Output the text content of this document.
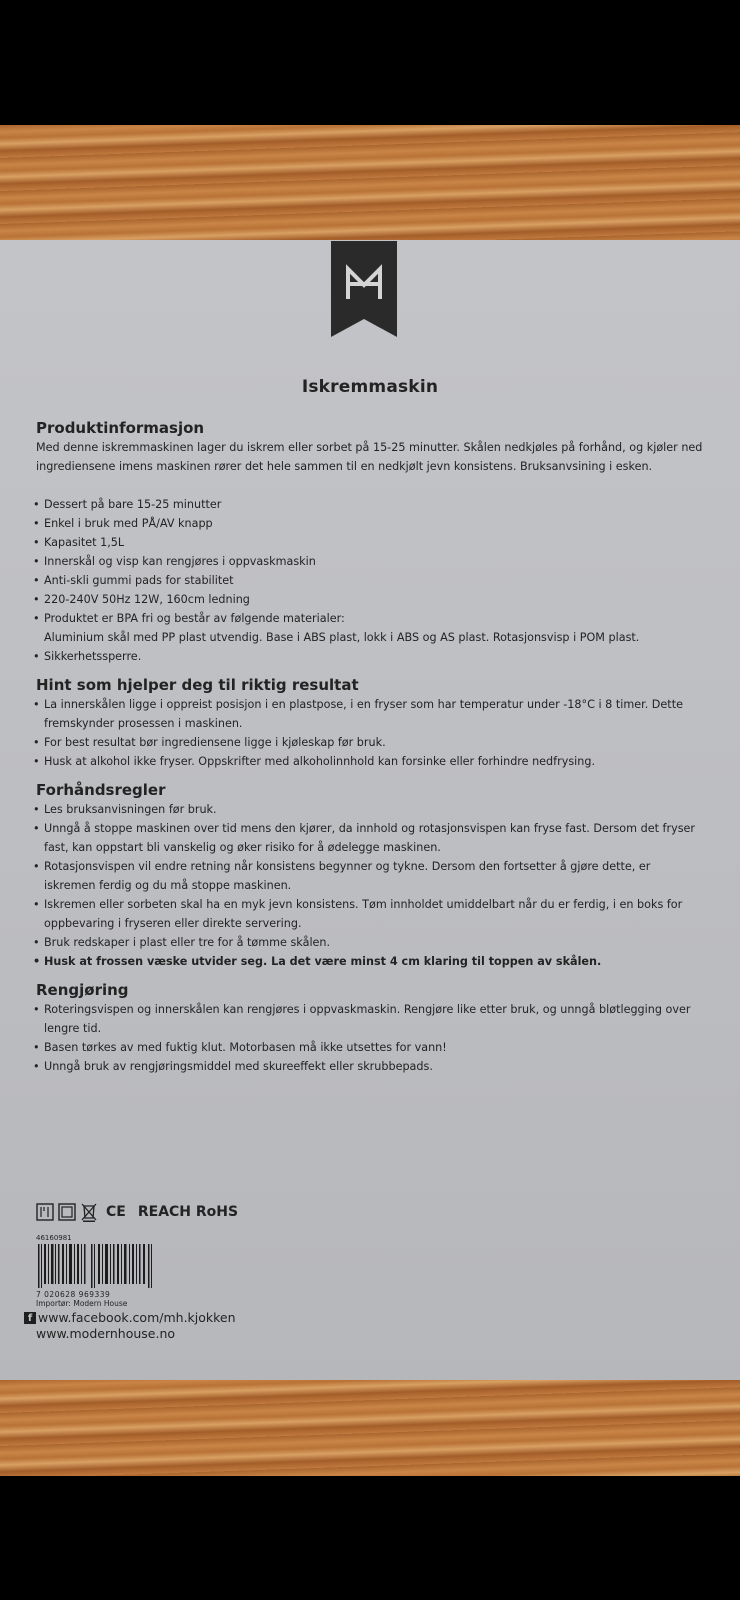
Iskremmaskin
Produktinformasjon

Med denne iskremmaskinen lager du iskrem eller sorbet på 15-25 minutter. Skålen nedkjøles på forhånd, og kjøler ned

ingrediensene imens maskinen rører det hele sammen til en nedkjølt jevn konsistens. Bruksanvsining i esken.

• Dessert på bare 15-25 minutter
• Enkel i bruk med PÅ/AV knapp
• Kapasitet 1,5L
• Innerskål og visp kan rengjøres i oppvaskmaskin
• Anti-skli gummi pads for stabilitet
• 220-240V 50Hz 12W, 160cm ledning
• Produktet er BPA fri og består av følgende materialer:
Aluminium skål med PP plast utvendig. Base i ABS plast, lokk i ABS og AS plast. Rotasjonsvisp i POM plast.
• Sikkerhetssperre.
Hint som hjelper deg til riktig resultat
• La innerskålen ligge i oppreist posisjon i en plastpose, i en fryser som har temperatur under -18°C i 8 timer. Dette
fremskynder prosessen i maskinen.
• For best resultat bør ingrediensene ligge i kjøleskap før bruk.
• Husk at alkohol ikke fryser. Oppskrifter med alkoholinnhold kan forsinke eller forhindre nedfrysing.
Forhåndsregler
• Les bruksanvisningen før bruk.
• Unngå å stoppe maskinen over tid mens den kjører, da innhold og rotasjonsvispen kan fryse fast. Dersom det fryser
fast, kan oppstart bli vanskelig og øker risiko for å ødelegge maskinen.
• Rotasjonsvispen vil endre retning når konsistens begynner og tykne. Dersom den fortsetter å gjøre dette, er
iskremen ferdig og du må stoppe maskinen.
• Iskremen eller sorbeten skal ha en myk jevn konsistens. Tøm innholdet umiddelbart når du er ferdig, i en boks for
oppbevaring i fryseren eller direkte servering.
• Bruk redskaper i plast eller tre for å tømme skålen.
• Husk at frossen væske utvider seg. La det være minst 4 cm klaring til toppen av skålen.
Rengjøring
• Roteringsvispen og innerskålen kan rengjøres i oppvaskmaskin. Rengjøre like etter bruk, og unngå bløtlegging over
lengre tid.
• Basen tørkes av med fuktig klut. Motorbasen må ikke utsettes for vann!
• Unngå bruk av rengjøringsmiddel med skureeffekt eller skrubbepads.
CE REACH RoHS
46160981
7 020628 969339
Importør: Modern House
f www.facebook.com/mh.kjokken
www.modernhouse.no
